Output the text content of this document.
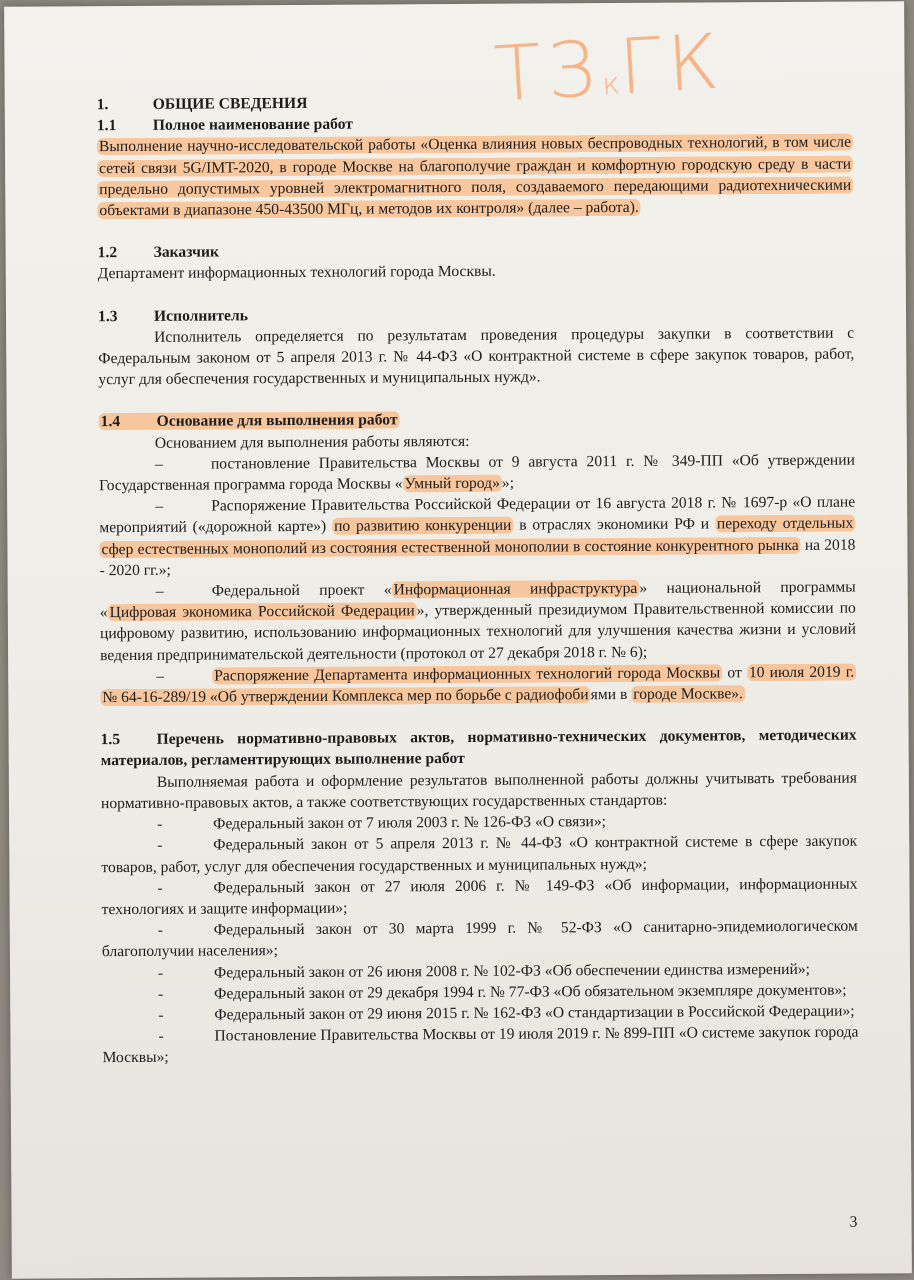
ТЗкГК

1.	ОБЩИЕ СВЕДЕНИЯ

1.1 Полное наименование работ

Выполнение научно-исследовательской работы «Оценка влияния новых беспроводных технологий, в том числе сетей связи 5G/IMT-2020, в городе Москве на благополучие граждан и комфортную городскую среду в части предельно допустимых уровней электромагнитного поля, создаваемого передающими радиотехническими объектами в диапазоне 450-43500 МГц, и методов их контроля» (далее – работа).

1.2 Заказчик

Департамент информационных технологий города Москвы.

1.3 Исполнитель

Исполнитель определяется по результатам проведения процедуры закупки в соответствии с Федеральным законом от 5 апреля 2013 г. № 44-ФЗ «О контрактной системе в сфере закупок товаров, работ, услуг для обеспечения государственных и муниципальных нужд».

1.4 Основание для выполнения работ

Основанием для выполнения работы являются:

–	постановление Правительства Москвы от 9 августа 2011 г. № 349-ПП «Об утверждении Государственная программа города Москвы « Умный город» »;

–	Распоряжение Правительства Российской Федерации от 16 августа 2018 г. № 1697-р «О плане мероприятий («дорожной карте») по развитию конкуренции в отраслях экономики РФ и переходу отдельных сфер естественных монополий из состояния естественной монополии в состояние конкурентного рынка на 2018 - 2020 гг.»;

–	Федеральной проект « Информационная инфраструктура » национальной программы « Цифровая экономика Российской Федерации », утвержденный президиумом Правительственной комиссии по цифровому развитию, использованию информационных технологий для улучшения качества жизни и условий ведения предпринимательской деятельности (протокол от 27 декабря 2018 г. № 6);

–	Распоряжение Департамента информационных технологий города Москвы от 10 июля 2019 г. № 64-16-289/19 «Об утверждении Комплекса мер по борьбе с радиофоби ями в городе Москве».

1.5 Перечень нормативно-правовых актов, нормативно-технических документов, методических материалов, регламентирующих выполнение работ

Выполняемая работа и оформление результатов выполненной работы должны учитывать требования нормативно-правовых актов, а также соответствующих государственных стандартов:

-	Федеральный закон от 7 июля 2003 г. № 126-ФЗ «О связи»;

-	Федеральный закон от 5 апреля 2013 г. № 44-ФЗ «О контрактной системе в сфере закупок товаров, работ, услуг для обеспечения государственных и муниципальных нужд»;

-	Федеральный закон от 27 июля 2006 г. № 149-ФЗ «Об информации, информационных технологиях и защите информации»;

-	Федеральный закон от 30 марта 1999 г. № 52-ФЗ «О санитарно-эпидемиологическом благополучии населения»;

-	Федеральный закон от 26 июня 2008 г. № 102-ФЗ «Об обеспечении единства измерений»;

-	Федеральный закон от 29 декабря 1994 г. № 77-ФЗ «Об обязательном экземпляре документов»;

-	Федеральный закон от 29 июня 2015 г. № 162-ФЗ «О стандартизации в Российской Федерации»;

-	Постановление Правительства Москвы от 19 июля 2019 г. № 899-ПП «О системе закупок города Москвы»;

3
